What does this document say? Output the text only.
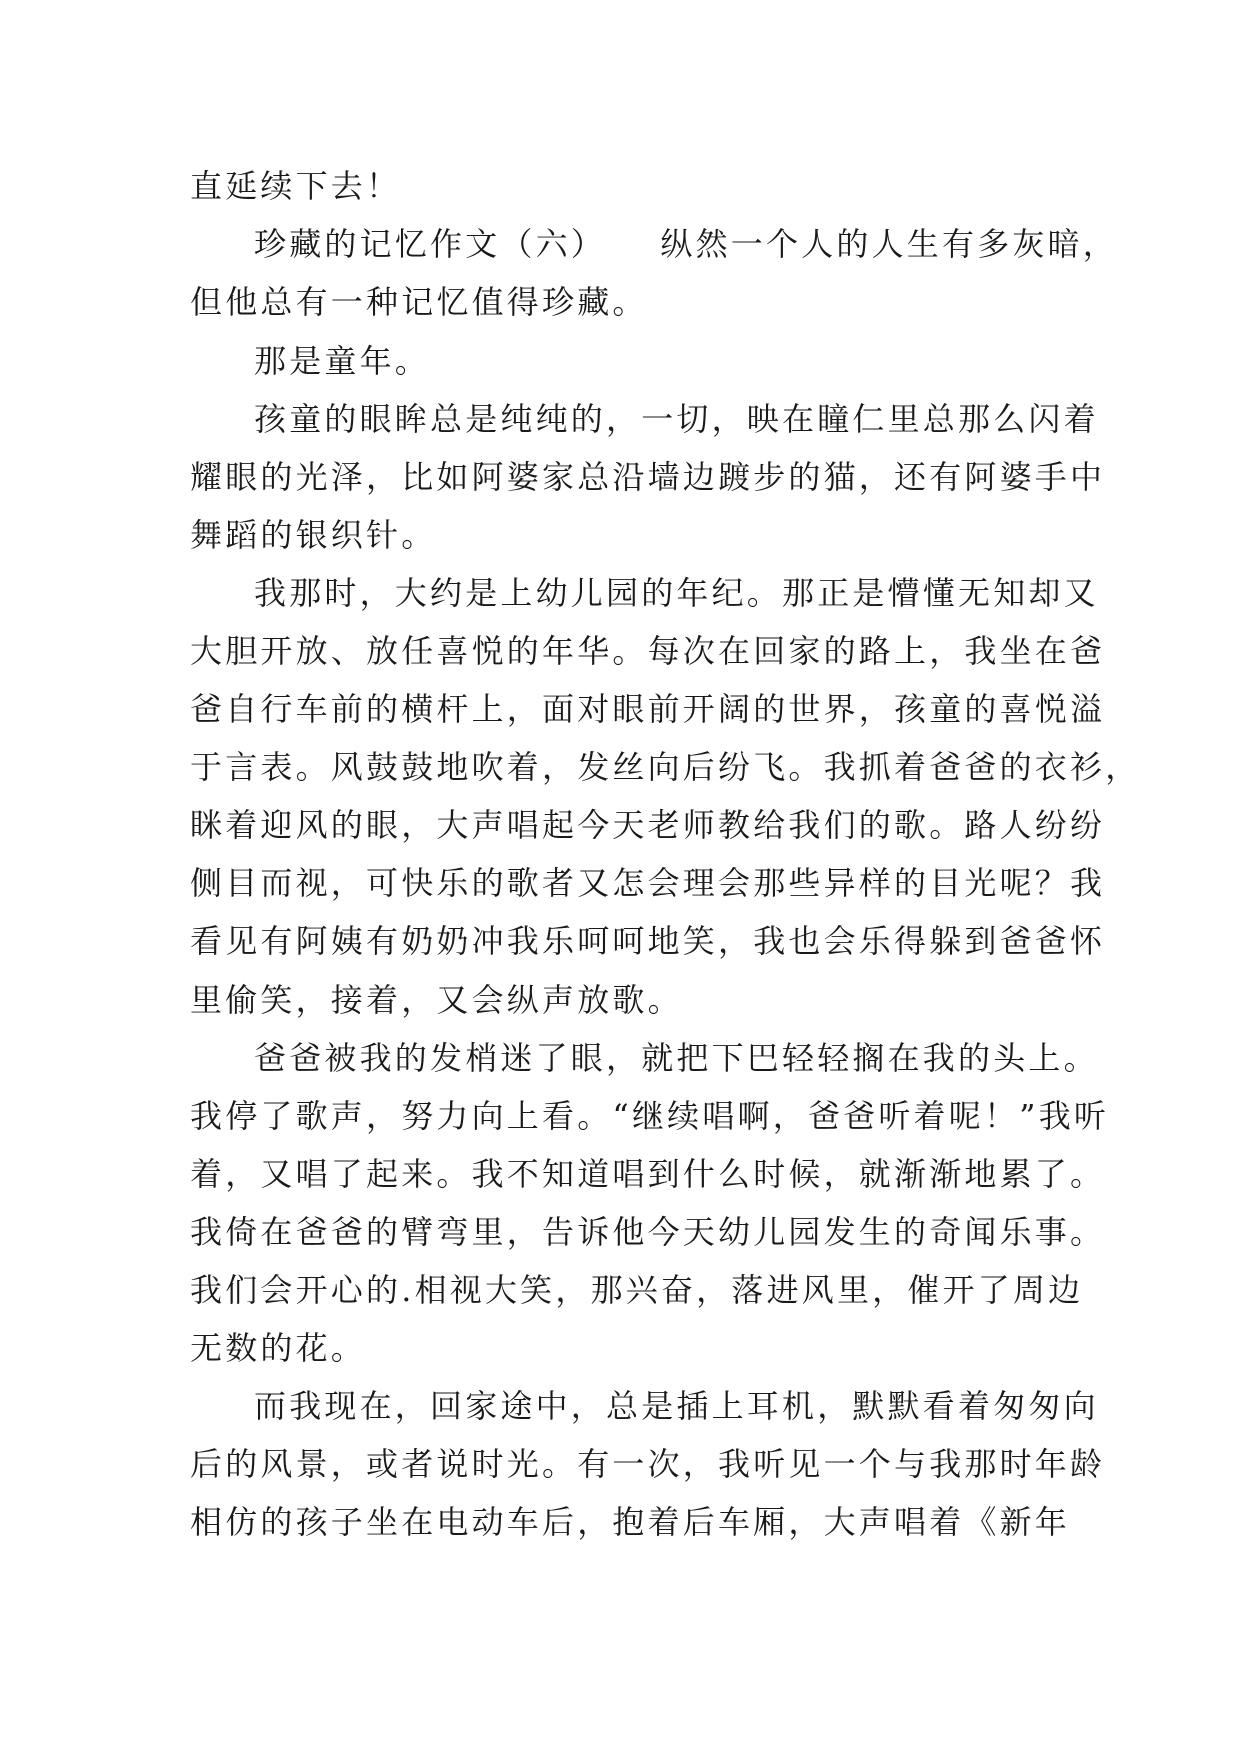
直延续下去！
珍藏的记忆作文（六）　　纵然一个人的人生有多灰暗，
但他总有一种记忆值得珍藏。
那是童年。
孩童的眼眸总是纯纯的，一切，映在瞳仁里总那么闪着
耀眼的光泽，比如阿婆家总沿墙边踱步的猫，还有阿婆手中
舞蹈的银织针。
我那时，大约是上幼儿园的年纪。那正是懵懂无知却又
大胆开放、放任喜悦的年华。每次在回家的路上，我坐在爸
爸自行车前的横杆上，面对眼前开阔的世界，孩童的喜悦溢
于言表。风鼓鼓地吹着，发丝向后纷飞。我抓着爸爸的衣衫，
眯着迎风的眼，大声唱起今天老师教给我们的歌。路人纷纷
侧目而视，可快乐的歌者又怎会理会那些异样的目光呢？我
看见有阿姨有奶奶冲我乐呵呵地笑，我也会乐得躲到爸爸怀
里偷笑，接着，又会纵声放歌。
爸爸被我的发梢迷了眼，就把下巴轻轻搁在我的头上。
我停了歌声，努力向上看。“继续唱啊，爸爸听着呢！”我听
着，又唱了起来。我不知道唱到什么时候，就渐渐地累了。
我倚在爸爸的臂弯里，告诉他今天幼儿园发生的奇闻乐事。
我们会开心的.相视大笑，那兴奋，落进风里，催开了周边
无数的花。
而我现在，回家途中，总是插上耳机，默默看着匆匆向
后的风景，或者说时光。有一次，我听见一个与我那时年龄
相仿的孩子坐在电动车后，抱着后车厢，大声唱着《新年
